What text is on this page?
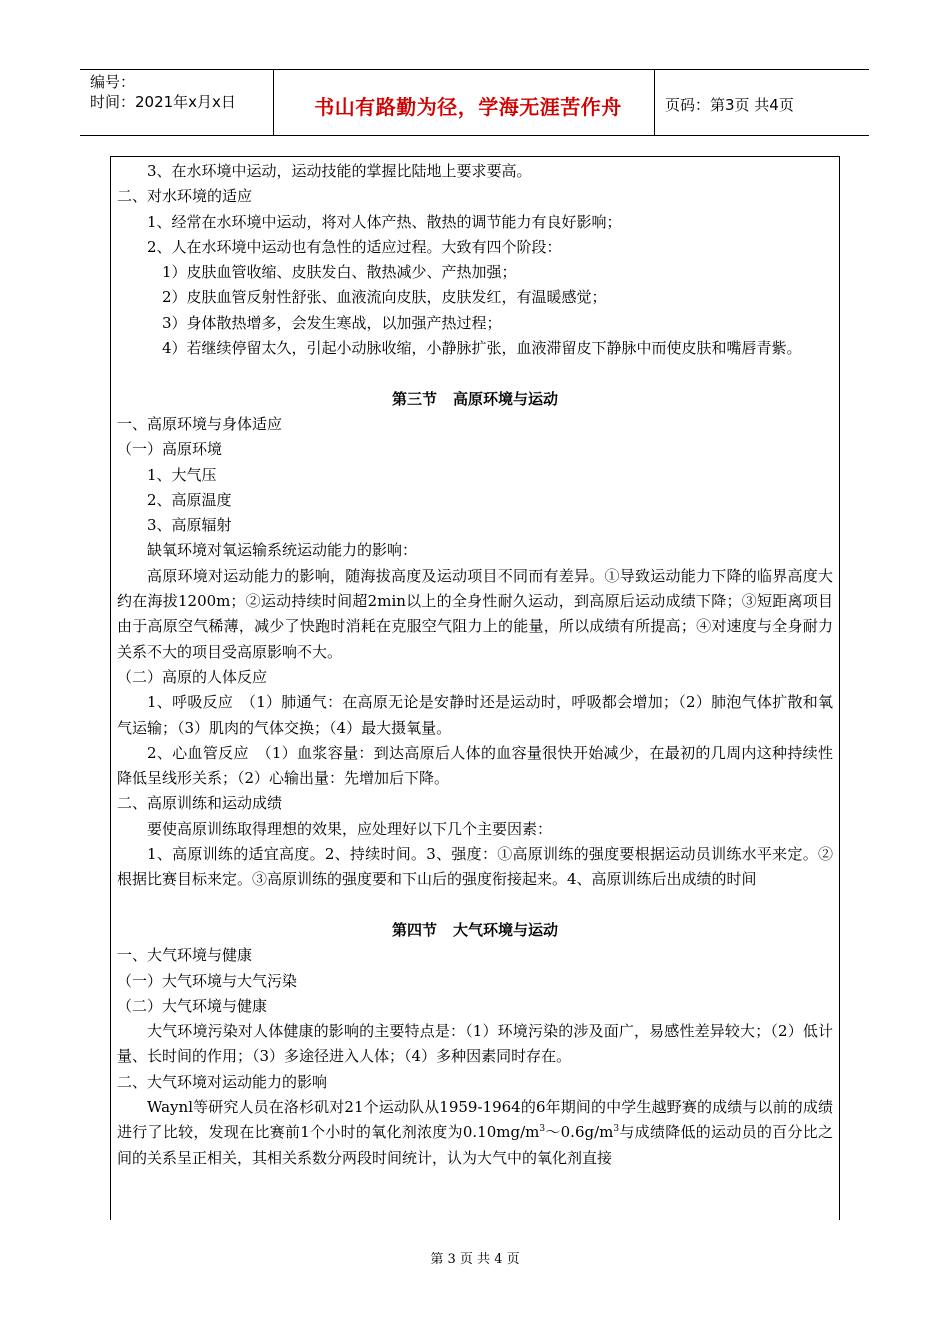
编号：
时间：2021年x月x日	书山有路勤为径，学海无涯苦作舟	页码：第3页 共4页

3、在水环境中运动，运动技能的掌握比陆地上要求要高。

二、对水环境的适应

1、经常在水环境中运动，将对人体产热、散热的调节能力有良好影响；

2、人在水环境中运动也有急性的适应过程。大致有四个阶段：

1）皮肤血管收缩、皮肤发白、散热减少、产热加强；

2）皮肤血管反射性舒张、血液流向皮肤，皮肤发红，有温暖感觉；

3）身体散热增多，会发生寒战，以加强产热过程；

4）若继续停留太久，引起小动脉收缩，小静脉扩张，血液滞留皮下静脉中而使皮肤和嘴唇青紫。

第三节 高原环境与运动

一、高原环境与身体适应

（一）高原环境

1、大气压

2、高原温度

3、高原辐射

缺氧环境对氧运输系统运动能力的影响：

高原环境对运动能力的影响，随海拔高度及运动项目不同而有差异。①导致运动能力下降的临界高度大约在海拔1200m；②运动持续时间超2min以上的全身性耐久运动，到高原后运动成绩下降；③短距离项目由于高原空气稀薄，减少了快跑时消耗在克服空气阻力上的能量，所以成绩有所提高；④对速度与全身耐力关系不大的项目受高原影响不大。

（二）高原的人体反应

1、呼吸反应　（1）肺通气：在高原无论是安静时还是运动时，呼吸都会增加；（2）肺泡气体扩散和氧气运输；（3）肌肉的气体交换；（4）最大摄氧量。

2、心血管反应　（1）血浆容量：到达高原后人体的血容量很快开始减少，在最初的几周内这种持续性降低呈线形关系；（2）心输出量：先增加后下降。

二、高原训练和运动成绩

要使高原训练取得理想的效果，应处理好以下几个主要因素：

1、高原训练的适宜高度。2、持续时间。3、强度：①高原训练的强度要根据运动员训练水平来定。②根据比赛目标来定。③高原训练的强度要和下山后的强度衔接起来。4、高原训练后出成绩的时间

第四节 大气环境与运动

一、大气环境与健康

（一）大气环境与大气污染

（二）大气环境与健康

大气环境污染对人体健康的影响的主要特点是：（1）环境污染的涉及面广，易感性差异较大；（2）低计量、长时间的作用；（3）多途径进入人体；（4）多种因素同时存在。

二、大气环境对运动能力的影响

Waynl等研究人员在洛杉矶对21个运动队从1959-1964的6年期间的中学生越野赛的成绩与以前的成绩进行了比较，发现在比赛前1个小时的氧化剂浓度为$0.10mg/m^3\sim 0.6g/m^3$与成绩降低的运动员的百分比之间的关系呈正相关，其相关系数分两段时间统计，认为大气中的氧化剂直接

第 3 页 共 4 页
